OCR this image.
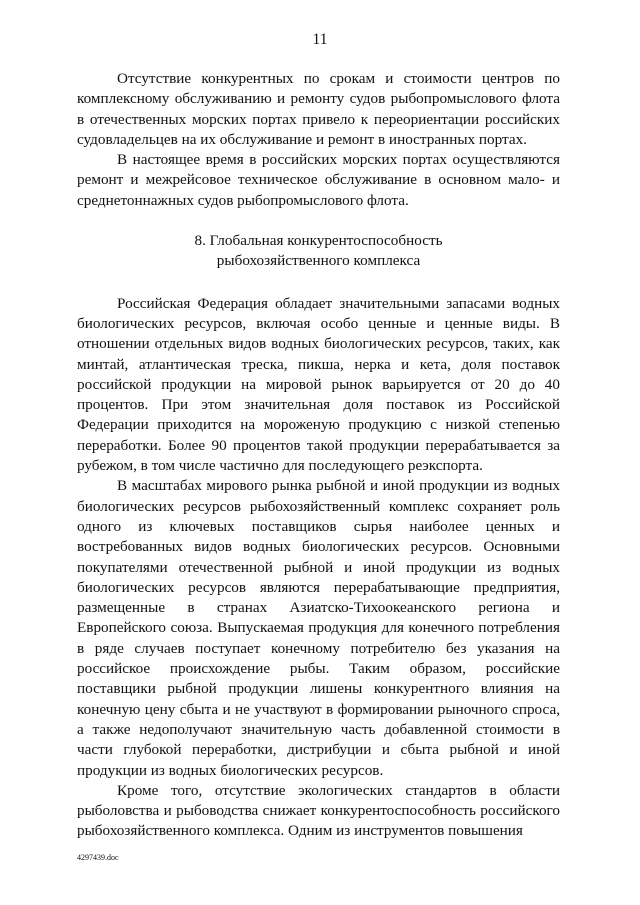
11

Отсутствие конкурентных по срокам и стоимости центров по комплексному обслуживанию и ремонту судов рыбопромыслового флота в отечественных морских портах привело к переориентации российских судовладельцев на их обслуживание и ремонт в иностранных портах.

В настоящее время в российских морских портах осуществляются ремонт и межрейсовое техническое обслуживание в основном мало- и среднетоннажных судов рыбопромыслового флота.

8. Глобальная конкурентоспособность
рыбохозяйственного комплекса

Российская Федерация обладает значительными запасами водных биологических ресурсов, включая особо ценные и ценные виды. В отношении отдельных видов водных биологических ресурсов, таких, как минтай, атлантическая треска, пикша, нерка и кета, доля поставок российской продукции на мировой рынок варьируется от 20 до 40 процентов. При этом значительная доля поставок из Российской Федерации приходится на мороженую продукцию с низкой степенью переработки. Более 90 процентов такой продукции перерабатывается за рубежом, в том числе частично для последующего реэкспорта.

В масштабах мирового рынка рыбной и иной продукции из водных биологических ресурсов рыбохозяйственный комплекс сохраняет роль одного из ключевых поставщиков сырья наиболее ценных и востребованных видов водных биологических ресурсов. Основными покупателями отечественной рыбной и иной продукции из водных биологических ресурсов являются перерабатывающие предприятия, размещенные в странах Азиатско-Тихоокеанского региона и Европейского союза. Выпускаемая продукция для конечного потребления в ряде случаев поступает конечному потребителю без указания на российское происхождение рыбы. Таким образом, российские поставщики рыбной продукции лишены конкурентного влияния на конечную цену сбыта и не участвуют в формировании рыночного спроса, а также недополучают значительную часть добавленной стоимости в части глубокой переработки, дистрибуции и сбыта рыбной и иной продукции из водных биологических ресурсов.

Кроме того, отсутствие экологических стандартов в области рыболовства и рыбоводства снижает конкурентоспособность российского рыбохозяйственного комплекса. Одним из инструментов повышения

4297439.doc
